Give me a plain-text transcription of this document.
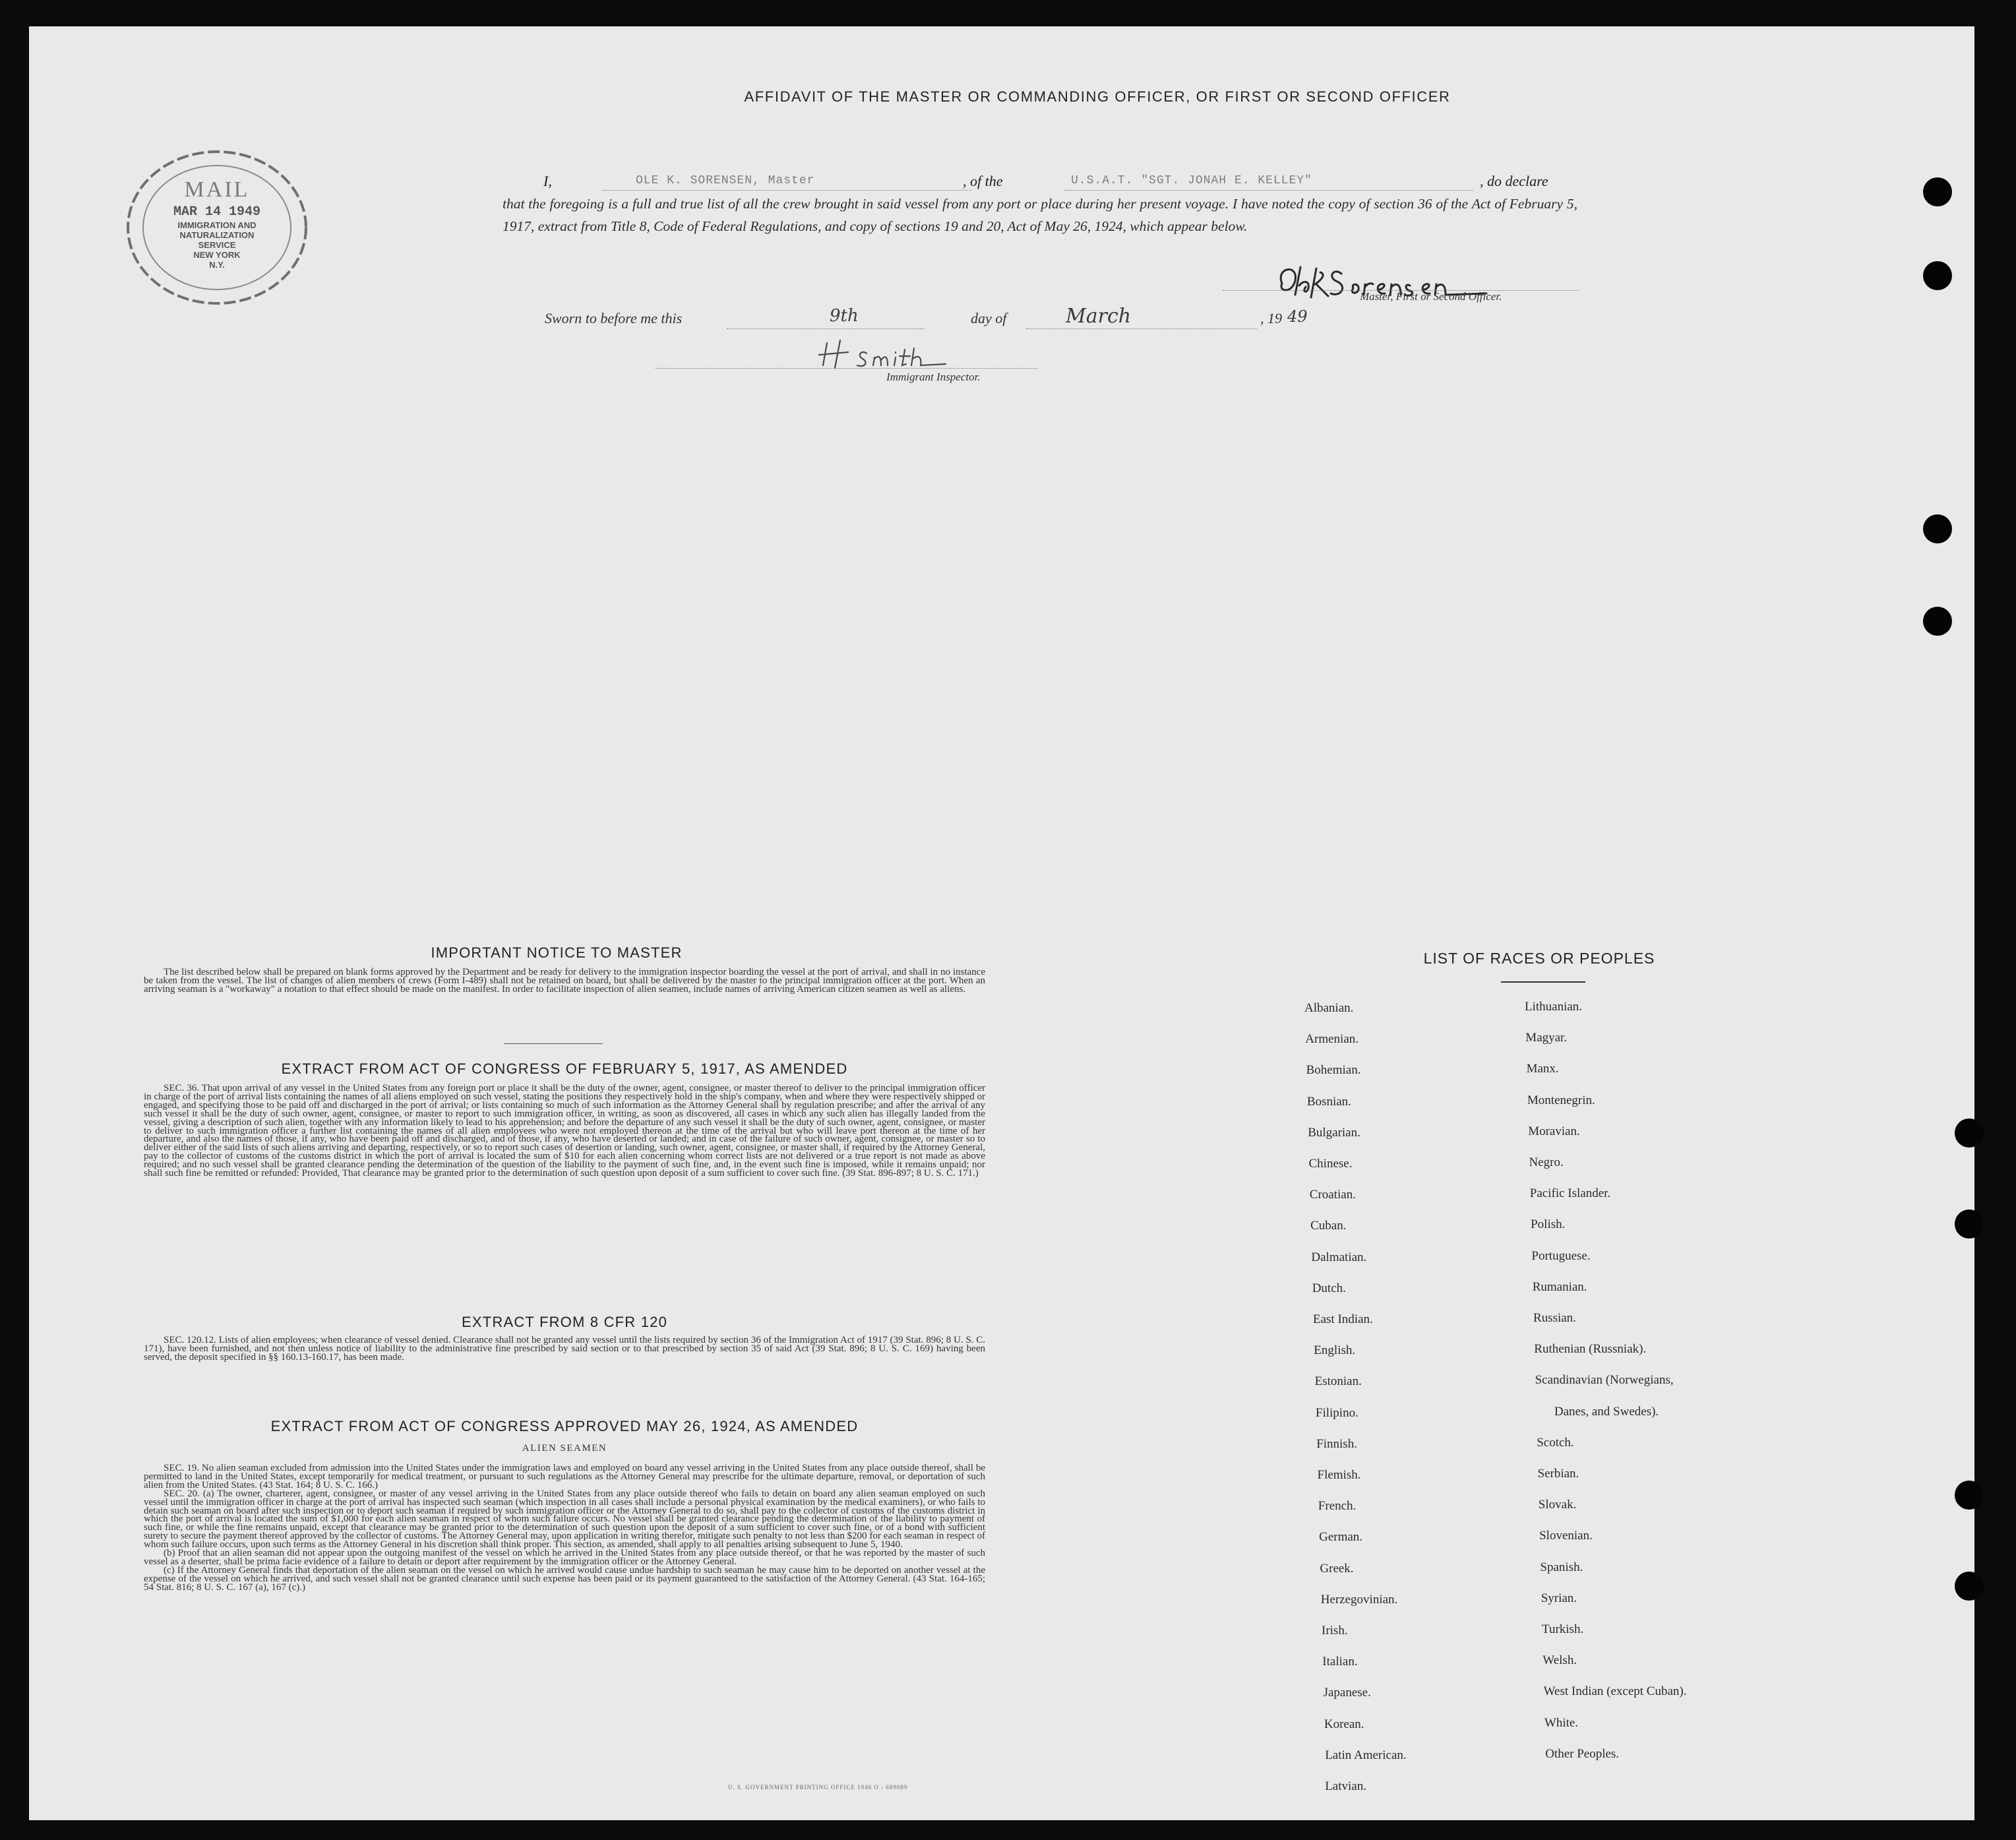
AFFIDAVIT OF THE MASTER OR COMMANDING OFFICER, OR FIRST OR SECOND OFFICER
MAIL
MAR 14 1949
IMMIGRATION AND
NATURALIZATION
SERVICE
NEW YORK
N.Y.
I,	OLE K. SORENSEN, Master	, of the	U.S.A.T. "SGT. JONAH E. KELLEY"	, do declare

that the foregoing is a full and true list of all the crew brought in said vessel from any port or place during her present voyage. I have noted the copy of section 36 of the Act of February 5, 1917, extract from Title 8, Code of Federal Regulations, and copy of sections 19 and 20, Act of May 26, 1924, which appear below.

Master, First or Second Officer.
Sworn to before me this	9th	day of	March	, 19 49
Immigrant Inspector.
IMPORTANT NOTICE TO MASTER

The list described below shall be prepared on blank forms approved by the Department and be ready for delivery to the immigration inspector boarding the vessel at the port of arrival, and shall in no instance be taken from the vessel. The list of changes of alien members of crews (Form I-489) shall not be retained on board, but shall be delivered by the master to the principal immigration officer at the port. When an arriving seaman is a "workaway" a notation to that effect should be made on the manifest. In order to facilitate inspection of alien seamen, include names of arriving American citizen seamen as well as aliens.

EXTRACT FROM ACT OF CONGRESS OF FEBRUARY 5, 1917, AS AMENDED

SEC. 36. That upon arrival of any vessel in the United States from any foreign port or place it shall be the duty of the owner, agent, consignee, or master thereof to deliver to the principal immigration officer in charge of the port of arrival lists containing the names of all aliens employed on such vessel, stating the positions they respectively hold in the ship's company, when and where they were respectively shipped or engaged, and specifying those to be paid off and discharged in the port of arrival; or lists containing so much of such information as the Attorney General shall by regulation prescribe; and after the arrival of any such vessel it shall be the duty of such owner, agent, consignee, or master to report to such immigration officer, in writing, as soon as discovered, all cases in which any such alien has illegally landed from the vessel, giving a description of such alien, together with any information likely to lead to his apprehension; and before the departure of any such vessel it shall be the duty of such owner, agent, consignee, or master to deliver to such immigration officer a further list containing the names of all alien employees who were not employed thereon at the time of the arrival but who will leave port thereon at the time of her departure, and also the names of those, if any, who have been paid off and discharged, and of those, if any, who have deserted or landed; and in case of the failure of such owner, agent, consignee, or master so to deliver either of the said lists of such aliens arriving and departing, respectively, or so to report such cases of desertion or landing, such owner, agent, consignee, or master shall, if required by the Attorney General, pay to the collector of customs of the customs district in which the port of arrival is located the sum of $10 for each alien concerning whom correct lists are not delivered or a true report is not made as above required; and no such vessel shall be granted clearance pending the determination of the question of the liability to the payment of such fine, and, in the event such fine is imposed, while it remains unpaid; nor shall such fine be remitted or refunded: Provided, That clearance may be granted prior to the determination of such question upon deposit of a sum sufficient to cover such fine. (39 Stat. 896-897; 8 U. S. C. 171.)

EXTRACT FROM 8 CFR 120

SEC. 120.12. Lists of alien employees; when clearance of vessel denied. Clearance shall not be granted any vessel until the lists required by section 36 of the Immigration Act of 1917 (39 Stat. 896; 8 U. S. C. 171), have been furnished, and not then unless notice of liability to the administrative fine prescribed by said section or to that prescribed by section 35 of said Act (39 Stat. 896; 8 U. S. C. 169) having been served, the deposit specified in §§ 160.13-160.17, has been made.

EXTRACT FROM ACT OF CONGRESS APPROVED MAY 26, 1924, AS AMENDED
ALIEN SEAMEN

SEC. 19. No alien seaman excluded from admission into the United States under the immigration laws and employed on board any vessel arriving in the United States from any place outside thereof, shall be permitted to land in the United States, except temporarily for medical treatment, or pursuant to such regulations as the Attorney General may prescribe for the ultimate departure, removal, or deportation of such alien from the United States. (43 Stat. 164; 8 U. S. C. 166.)

SEC. 20. (a) The owner, charterer, agent, consignee, or master of any vessel arriving in the United States from any place outside thereof who fails to detain on board any alien seaman employed on such vessel until the immigration officer in charge at the port of arrival has inspected such seaman (which inspection in all cases shall include a personal physical examination by the medical examiners), or who fails to detain such seaman on board after such inspection or to deport such seaman if required by such immigration officer or the Attorney General to do so, shall pay to the collector of customs of the customs district in which the port of arrival is located the sum of $1,000 for each alien seaman in respect of whom such failure occurs. No vessel shall be granted clearance pending the determination of the liability to payment of such fine, or while the fine remains unpaid, except that clearance may be granted prior to the determination of such question upon the deposit of a sum sufficient to cover such fine, or of a bond with sufficient surety to secure the payment thereof approved by the collector of customs. The Attorney General may, upon application in writing therefor, mitigate such penalty to not less than $200 for each seaman in respect of whom such failure occurs, upon such terms as the Attorney General in his discretion shall think proper. This section, as amended, shall apply to all penalties arising subsequent to June 5, 1940.

(b) Proof that an alien seaman did not appear upon the outgoing manifest of the vessel on which he arrived in the United States from any place outside thereof, or that he was reported by the master of such vessel as a deserter, shall be prima facie evidence of a failure to detain or deport after requirement by the immigration officer or the Attorney General.

(c) If the Attorney General finds that deportation of the alien seaman on the vessel on which he arrived would cause undue hardship to such seaman he may cause him to be deported on another vessel at the expense of the vessel on which he arrived, and such vessel shall not be granted clearance until such expense has been paid or its payment guaranteed to the satisfaction of the Attorney General. (43 Stat. 164-165; 54 Stat. 816; 8 U. S. C. 167 (a), 167 (c).)

U. S. GOVERNMENT PRINTING OFFICE 1946 O - 689089
LIST OF RACES OR PEOPLES
Albanian.
Armenian.
Bohemian.
Bosnian.
Bulgarian.
Chinese.
Croatian.
Cuban.
Dalmatian.
Dutch.
East Indian.
English.
Estonian.
Filipino.
Finnish.
Flemish.
French.
German.
Greek.
Herzegovinian.
Irish.
Italian.
Japanese.
Korean.
Latin American.
Latvian.
Lithuanian.
Magyar.
Manx.
Montenegrin.
Moravian.
Negro.
Pacific Islander.
Polish.
Portuguese.
Rumanian.
Russian.
Ruthenian (Russniak).
Scandinavian (Norwegians,
Danes, and Swedes).
Scotch.
Serbian.
Slovak.
Slovenian.
Spanish.
Syrian.
Turkish.
Welsh.
West Indian (except Cuban).
White.
Other Peoples.
